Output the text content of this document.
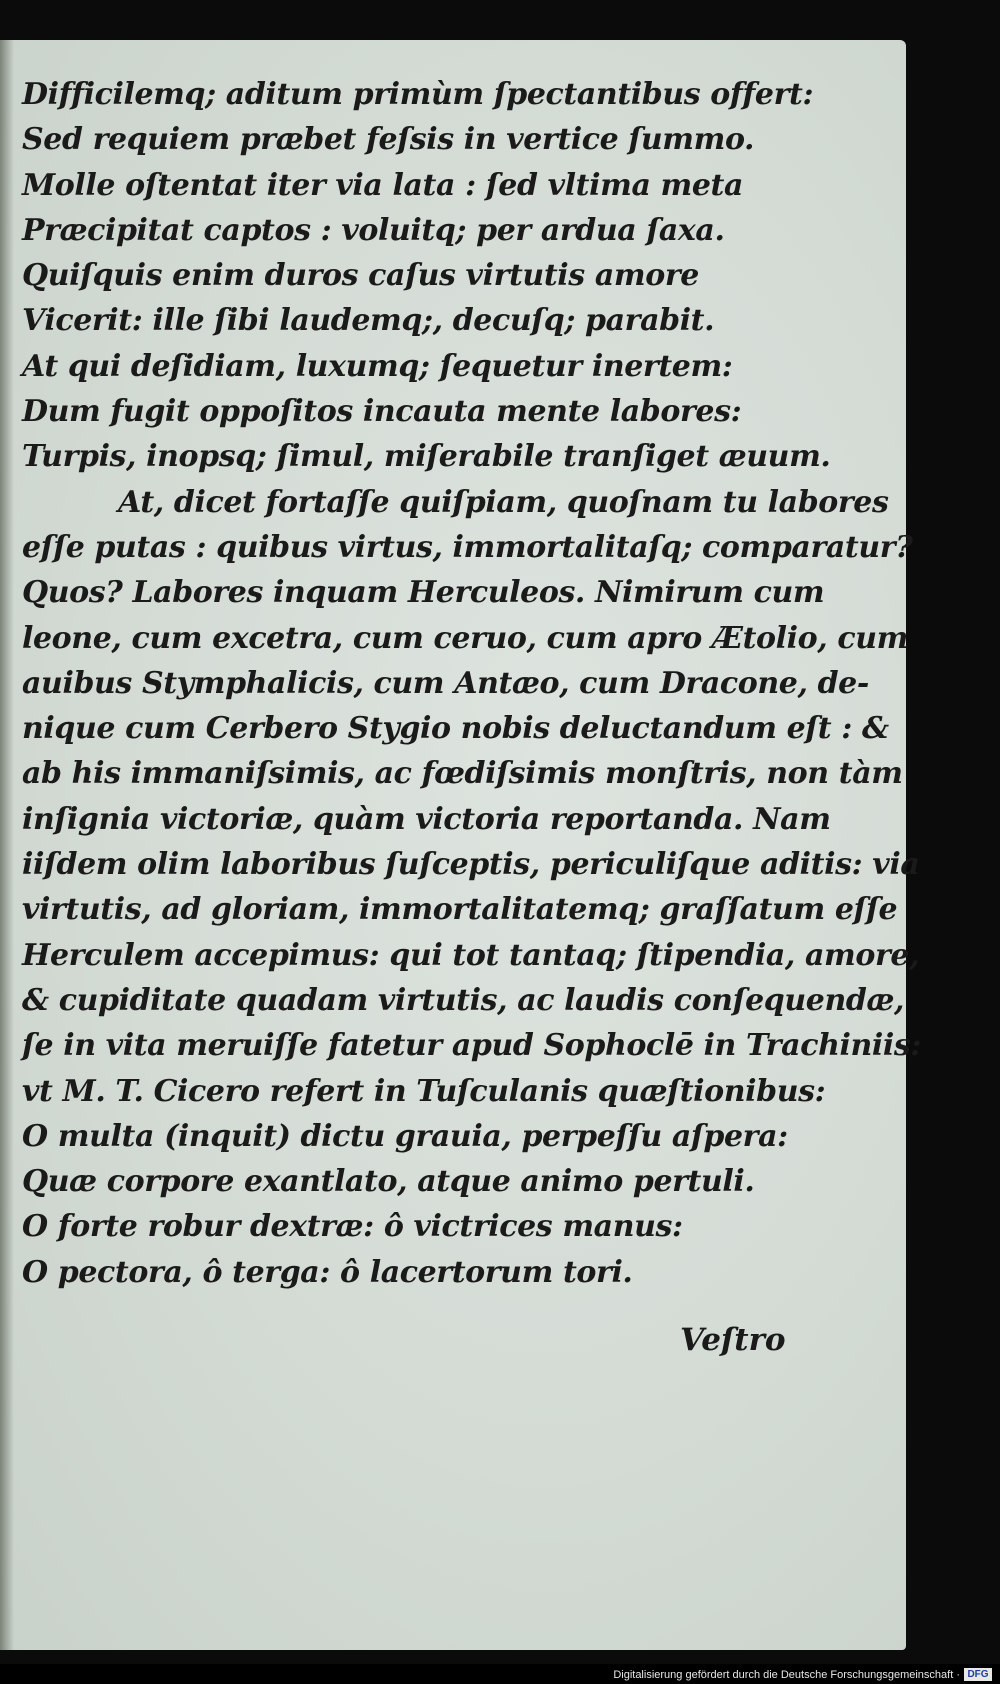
Difficilemq; aditum primùm ſpectantibus offert:
Sed requiem præbet feſsis in vertice ſummo.
Molle oſtentat iter via lata : ſed vltima meta
Præcipitat captos : voluitq; per ardua ſaxa.
Quiſquis enim duros caſus virtutis amore
Vicerit: ille ſibi laudemq;, decuſq; parabit.
At qui deſidiam, luxumq; ſequetur inertem:
Dum fugit oppoſitos incauta mente labores:
Turpis, inopsq; ſimul, miſerabile tranſiget æuum.
At, dicet fortaſſe quiſpiam, quoſnam tu labores
eſſe putas : quibus virtus, immortalitaſq; comparatur?
Quos? Labores inquam Herculeos. Nimirum cum
leone, cum excetra, cum ceruo, cum apro Ætolio, cum
auibus Stymphalicis, cum Antæo, cum Dracone, de-
nique cum Cerbero Stygio nobis deluctandum eſt : &
ab his immaniſsimis, ac fœdiſsimis monſtris, non tàm
inſignia victoriæ, quàm victoria reportanda. Nam
iiſdem olim laboribus ſuſceptis, periculiſque aditis: via
virtutis, ad gloriam, immortalitatemq; graſſatum eſſe
Herculem accepimus: qui tot tantaq; ſtipendia, amore,
& cupiditate quadam virtutis, ac laudis conſequendæ,
ſe in vita meruiſſe fatetur apud Sophoclē in Trachiniis:
vt M. T. Cicero refert in Tuſculanis quæſtionibus:
O multa (inquit) dictu grauia, perpeſſu aſpera:
Quæ corpore exantlato, atque animo pertuli.
O forte robur dextræ: ô victrices manus:
O pectora, ô terga: ô lacertorum tori.
Veſtro
Digitalisierung gefördert durch die Deutsche Forschungsgemeinschaft · DFG
